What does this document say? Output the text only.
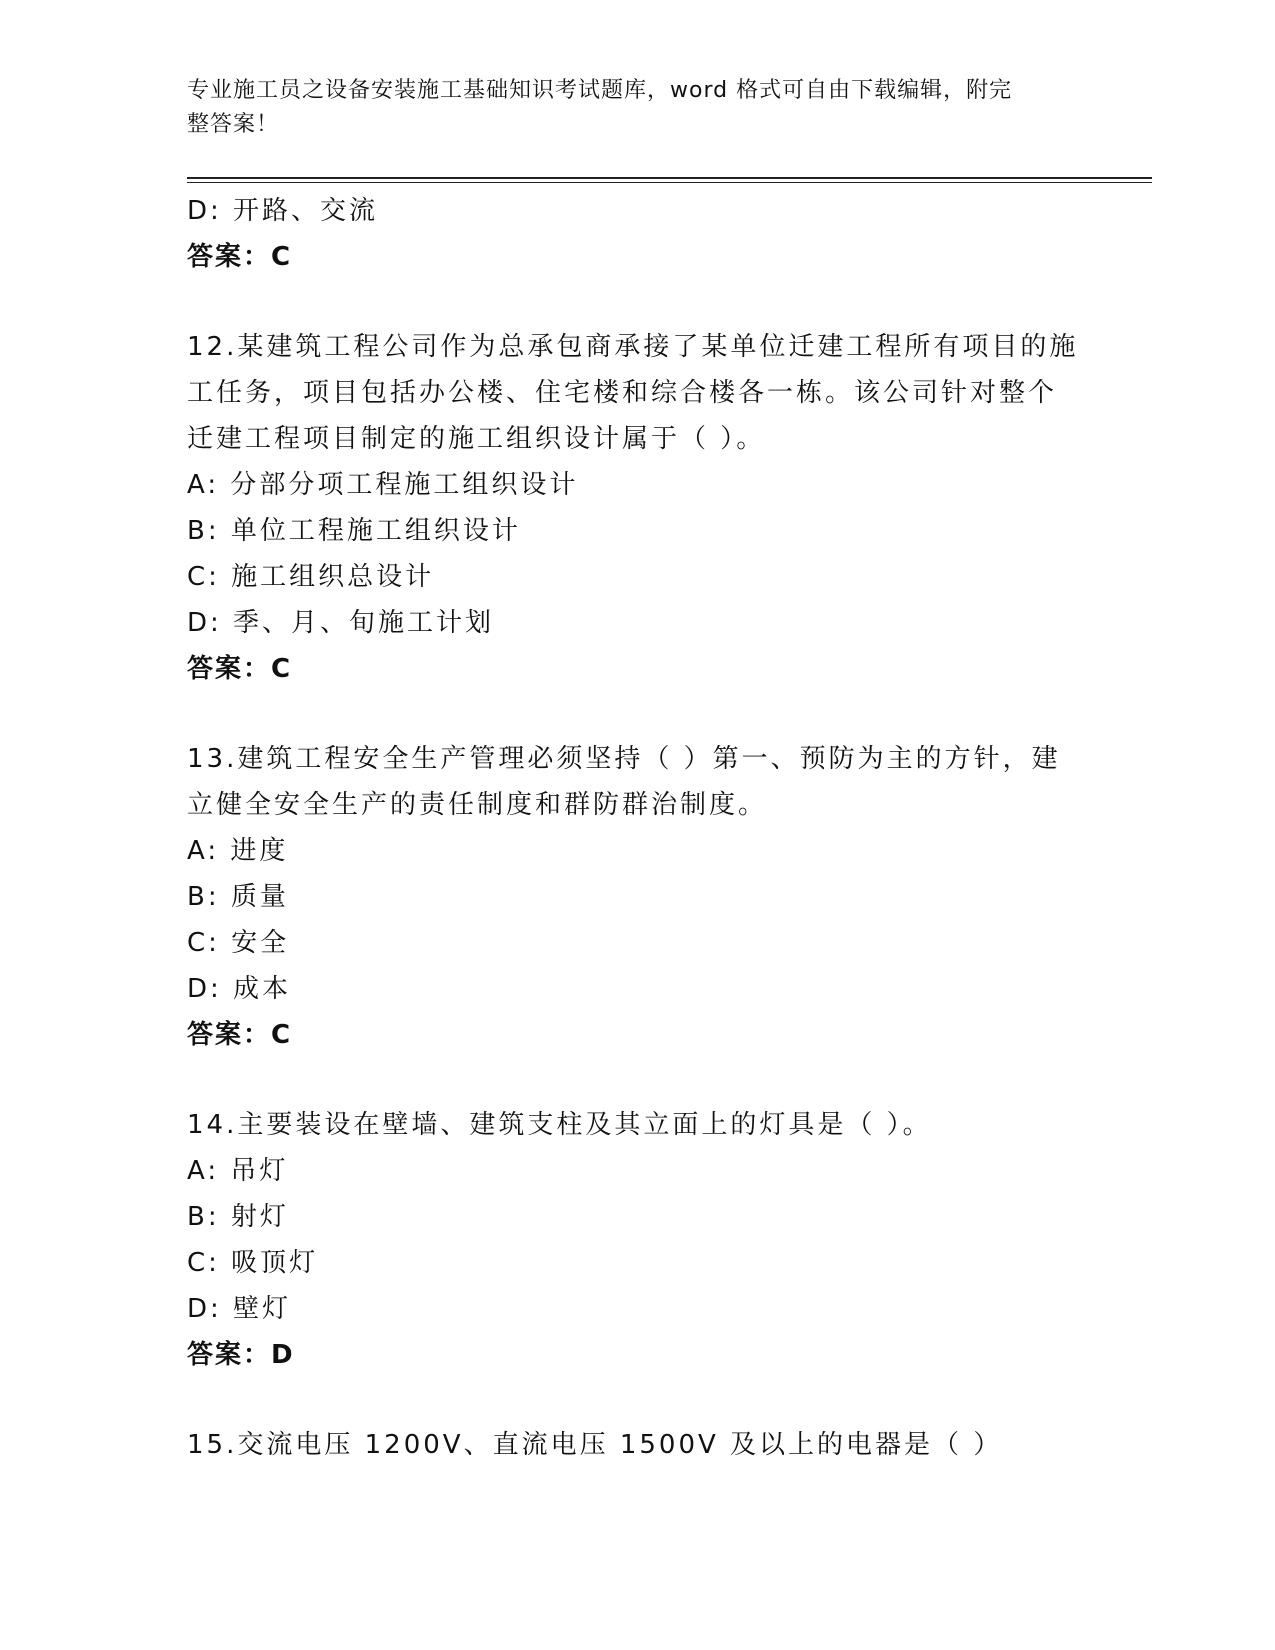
专业施工员之设备安装施工基础知识考试题库，word 格式可自由下载编辑，附完
整答案！
D: 开路、交流
答案：C
12.某建筑工程公司作为总承包商承接了某单位迁建工程所有项目的施
工任务，项目包括办公楼、住宅楼和综合楼各一栋。该公司针对整个
迁建工程项目制定的施工组织设计属于（ ）。
A: 分部分项工程施工组织设计
B: 单位工程施工组织设计
C: 施工组织总设计
D: 季、月、旬施工计划
答案：C
13.建筑工程安全生产管理必须坚持（ ）第一、预防为主的方针，建
立健全安全生产的责任制度和群防群治制度。
A: 进度
B: 质量
C: 安全
D: 成本
答案：C
14.主要装设在壁墙、建筑支柱及其立面上的灯具是（ ）。
A: 吊灯
B: 射灯
C: 吸顶灯
D: 壁灯
答案：D
15.交流电压 1200V、直流电压 1500V 及以上的电器是（ ）
